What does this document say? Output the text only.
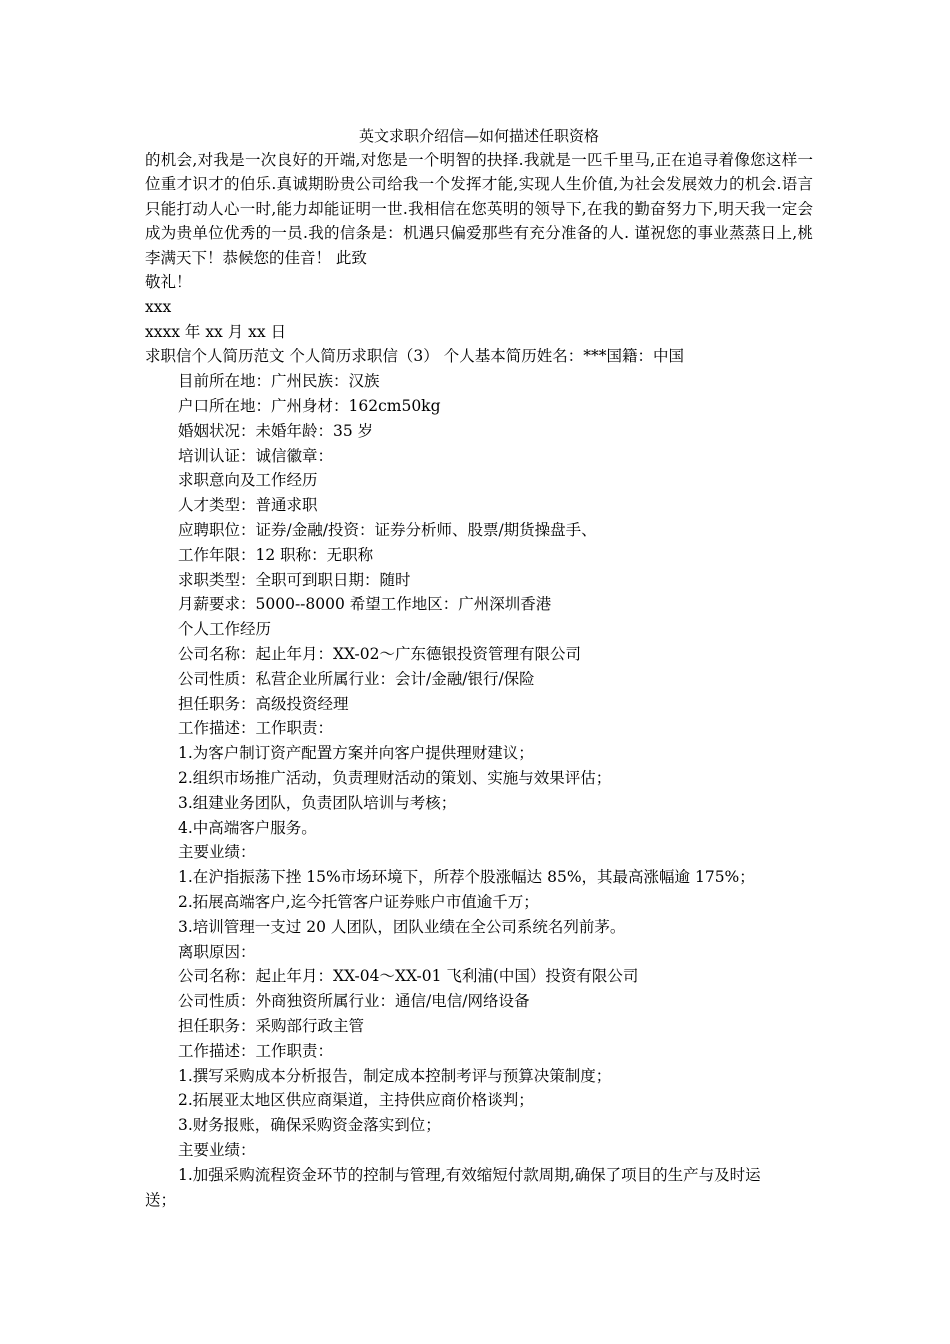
英文求职介绍信—如何描述任职资格
的机会,对我是一次良好的开端,对您是一个明智的抉择.我就是一匹千里马,正在追寻着像您这样一位重才识才的伯乐.真诚期盼贵公司给我一个发挥才能,实现人生价值,为社会发展效力的机会.语言只能打动人心一时,能力却能证明一世.我相信在您英明的领导下,在我的勤奋努力下,明天我一定会成为贵单位优秀的一员.我的信条是：机遇只偏爱那些有充分准备的人. 谨祝您的事业蒸蒸日上,桃李满天下！恭候您的佳音！ 此致
敬礼！
xxx
xxxx 年 xx 月 xx 日
求职信个人简历范文 个人简历求职信（3） 个人基本简历姓名：***国籍：中国
目前所在地：广州民族：汉族
户口所在地：广州身材：162cm50kg
婚姻状况：未婚年龄：35 岁
培训认证：诚信徽章：
求职意向及工作经历
人才类型：普通求职
应聘职位：证券/金融/投资：证券分析师、股票/期货操盘手、
工作年限：12 职称：无职称
求职类型：全职可到职日期：随时
月薪要求：5000--8000 希望工作地区：广州深圳香港
个人工作经历
公司名称：起止年月：XX-02～广东德银投资管理有限公司
公司性质：私营企业所属行业：会计/金融/银行/保险
担任职务：高级投资经理
工作描述：工作职责：
1.为客户制订资产配置方案并向客户提供理财建议；
2.组织市场推广活动，负责理财活动的策划、实施与效果评估；
3.组建业务团队，负责团队培训与考核；
4.中高端客户服务。
主要业绩：
1.在沪指振荡下挫 15%市场环境下，所荐个股涨幅达 85%，其最高涨幅逾 175%；
2.拓展高端客户,迄今托管客户证券账户市值逾千万；
3.培训管理一支过 20 人团队，团队业绩在全公司系统名列前茅。
离职原因：
公司名称：起止年月：XX-04～XX-01 飞利浦(中国）投资有限公司
公司性质：外商独资所属行业：通信/电信/网络设备
担任职务：采购部行政主管
工作描述：工作职责：
1.撰写采购成本分析报告，制定成本控制考评与预算决策制度；
2.拓展亚太地区供应商渠道，主持供应商价格谈判；
3.财务报账，确保采购资金落实到位；
主要业绩：
1.加强采购流程资金环节的控制与管理,有效缩短付款周期,确保了项目的生产与及时运
送；
